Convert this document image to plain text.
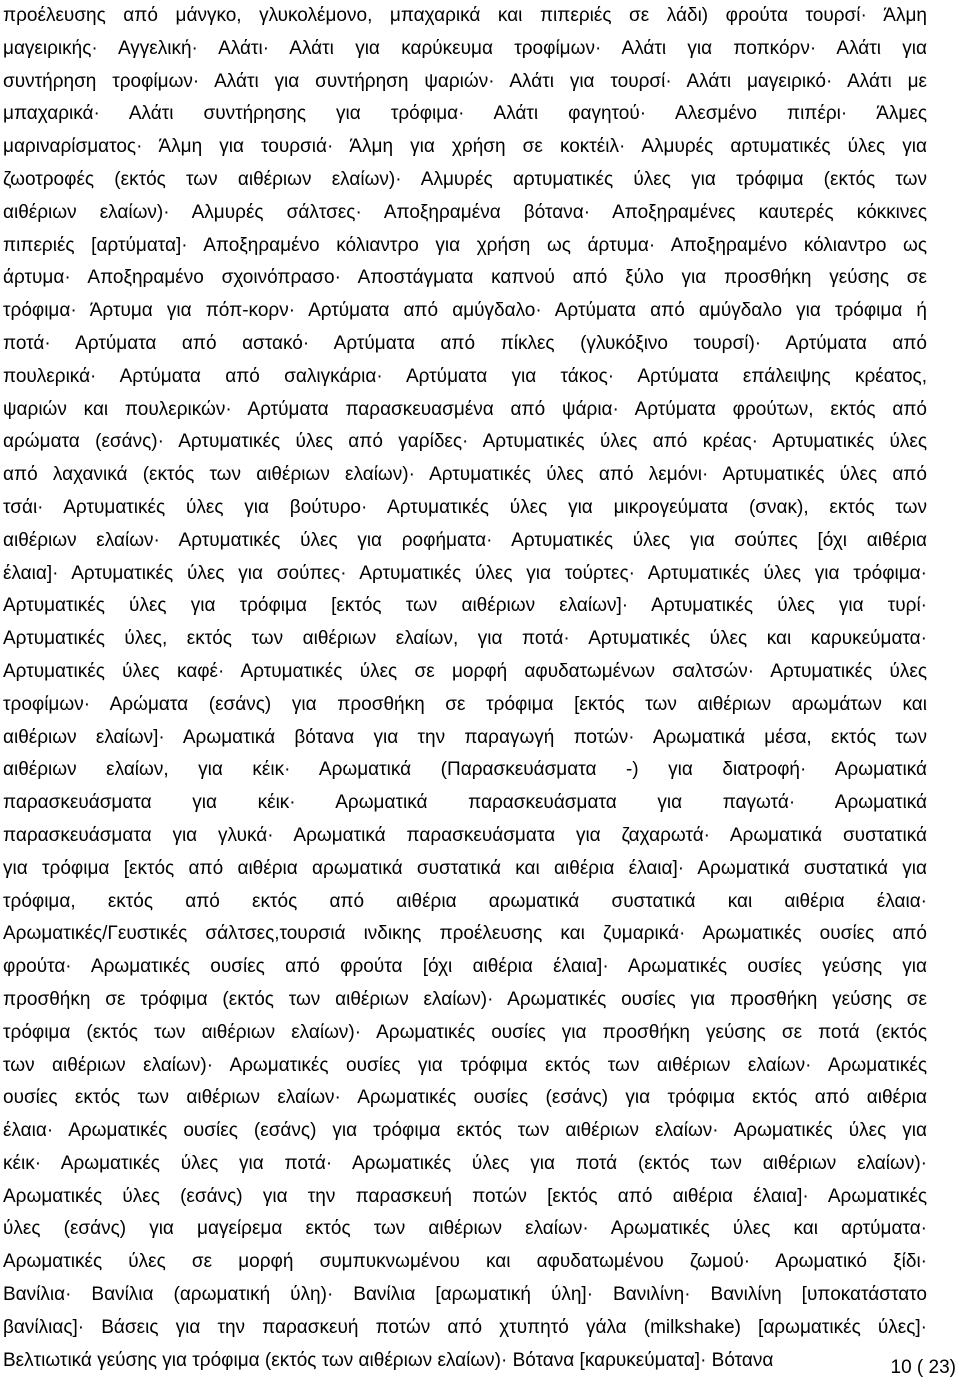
προέλευσης από μάνγκο, γλυκολέμονο, μπαχαρικά και πιπεριές σε λάδι) φρούτα τουρσί· Άλμη
μαγειρικής· Αγγελική· Αλάτι· Αλάτι για καρύκευμα τροφίμων· Αλάτι για ποπκόρν· Αλάτι για
συντήρηση τροφίμων· Αλάτι για συντήρηση ψαριών· Αλάτι για τουρσί· Αλάτι μαγειρικό· Αλάτι με
μπαχαρικά· Αλάτι συντήρησης για τρόφιμα· Αλάτι φαγητού· Αλεσμένο πιπέρι· Άλμες
μαριναρίσματος· Άλμη για τουρσιά· Άλμη για χρήση σε κοκτέιλ· Αλμυρές αρτυματικές ύλες για
ζωοτροφές (εκτός των αιθέριων ελαίων)· Αλμυρές αρτυματικές ύλες για τρόφιμα (εκτός των
αιθέριων ελαίων)· Αλμυρές σάλτσες· Αποξηραμένα βότανα· Αποξηραμένες καυτερές κόκκινες
πιπεριές [αρτύματα]· Αποξηραμένο κόλιαντρο για χρήση ως άρτυμα· Αποξηραμένο κόλιαντρο ως
άρτυμα· Αποξηραμένο σχοινόπρασο· Αποστάγματα καπνού από ξύλο για προσθήκη γεύσης σε
τρόφιμα· Άρτυμα για πόπ-κορν· Αρτύματα από αμύγδαλο· Αρτύματα από αμύγδαλο για τρόφιμα ή
ποτά· Αρτύματα από αστακό· Αρτύματα από πίκλες (γλυκόξινο τουρσί)· Αρτύματα από
πουλερικά· Αρτύματα από σαλιγκάρια· Αρτύματα για τάκος· Αρτύματα επάλειψης κρέατος,
ψαριών και πουλερικών· Αρτύματα παρασκευασμένα από ψάρια· Αρτύματα φρούτων, εκτός από
αρώματα (εσάνς)· Αρτυματικές ύλες από γαρίδες· Αρτυματικές ύλες από κρέας· Αρτυματικές ύλες
από λαχανικά (εκτός των αιθέριων ελαίων)· Αρτυματικές ύλες από λεμόνι· Αρτυματικές ύλες από
τσάι· Αρτυματικές ύλες για βούτυρο· Αρτυματικές ύλες για μικρογεύματα (σνακ), εκτός των
αιθέριων ελαίων· Αρτυματικές ύλες για ροφήματα· Αρτυματικές ύλες για σούπες [όχι αιθέρια
έλαια]· Αρτυματικές ύλες για σούπες· Αρτυματικές ύλες για τούρτες· Αρτυματικές ύλες για τρόφιμα·
Αρτυματικές ύλες για τρόφιμα [εκτός των αιθέριων ελαίων]· Αρτυματικές ύλες για τυρί·
Αρτυματικές ύλες, εκτός των αιθέριων ελαίων, για ποτά· Αρτυματικές ύλες και καρυκεύματα·
Αρτυματικές ύλες καφέ· Αρτυματικές ύλες σε μορφή αφυδατωμένων σαλτσών· Αρτυματικές ύλες
τροφίμων· Αρώματα (εσάνς) για προσθήκη σε τρόφιμα [εκτός των αιθέριων αρωμάτων και
αιθέριων ελαίων]· Αρωματικά βότανα για την παραγωγή ποτών· Αρωματικά μέσα, εκτός των
αιθέριων ελαίων, για κέικ· Αρωματικά (Παρασκευάσματα -) για διατροφή· Αρωματικά
παρασκευάσματα για κέικ· Αρωματικά παρασκευάσματα για παγωτά· Αρωματικά
παρασκευάσματα για γλυκά· Αρωματικά παρασκευάσματα για ζαχαρωτά· Αρωματικά συστατικά
για τρόφιμα [εκτός από αιθέρια αρωματικά συστατικά και αιθέρια έλαια]· Αρωματικά συστατικά για
τρόφιμα, εκτός από εκτός από αιθέρια αρωματικά συστατικά και αιθέρια έλαια·
Αρωματικές/Γευστικές σάλτσες,τουρσιά ινδικης προέλευσης και ζυμαρικά· Αρωματικές ουσίες από
φρούτα· Αρωματικές ουσίες από φρούτα [όχι αιθέρια έλαια]· Αρωματικές ουσίες γεύσης για
προσθήκη σε τρόφιμα (εκτός των αιθέριων ελαίων)· Αρωματικές ουσίες για προσθήκη γεύσης σε
τρόφιμα (εκτός των αιθέριων ελαίων)· Αρωματικές ουσίες για προσθήκη γεύσης σε ποτά (εκτός
των αιθέριων ελαίων)· Αρωματικές ουσίες για τρόφιμα εκτός των αιθέριων ελαίων· Αρωματικές
ουσίες εκτός των αιθέριων ελαίων· Αρωματικές ουσίες (εσάνς) για τρόφιμα εκτός από αιθέρια
έλαια· Αρωματικές ουσίες (εσάνς) για τρόφιμα εκτός των αιθέριων ελαίων· Αρωματικές ύλες για
κέικ· Αρωματικές ύλες για ποτά· Αρωματικές ύλες για ποτά (εκτός των αιθέριων ελαίων)·
Αρωματικές ύλες (εσάνς) για την παρασκευή ποτών [εκτός από αιθέρια έλαια]· Αρωματικές
ύλες (εσάνς) για μαγείρεμα εκτός των αιθέριων ελαίων· Αρωματικές ύλες και αρτύματα·
Αρωματικές ύλες σε μορφή συμπυκνωμένου και αφυδατωμένου ζωμού· Αρωματικό ξίδι·
Βανίλια· Βανίλια (αρωματική ύλη)· Βανίλια [αρωματική ύλη]· Βανιλίνη· Βανιλίνη [υποκατάστατο
βανίλιας]· Βάσεις για την παρασκευή ποτών από χτυπητό γάλα (milkshake) [αρωματικές ύλες]·
Βελτιωτικά γεύσης για τρόφιμα (εκτός των αιθέριων ελαίων)· Βότανα [καρυκεύματα]· Βότανα	10 ( 23)
